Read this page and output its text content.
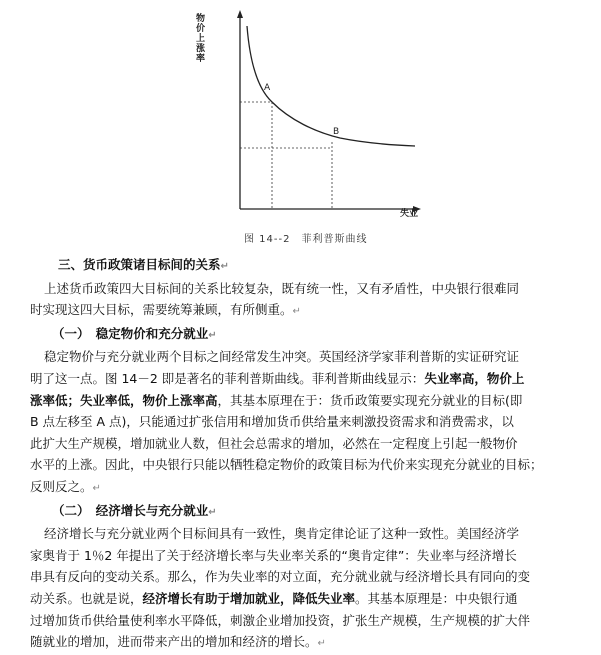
物价上涨率
失业
A
B
图 14--2　菲利普斯曲线
三、货币政策诸目标间的关系↵
上述货币政策四大目标间的关系比较复杂，既有统一性，又有矛盾性，中央银行很难同
时实现这四大目标，需要统筹兼顾，有所侧重。↵
（一）　稳定物价和充分就业↵
稳定物价与充分就业两个目标之间经常发生冲突。英国经济学家菲利普斯的实证研究证
明了这一点。图 14－2 即是著名的菲利普斯曲线。菲利普斯曲线显示：失业率高，物价上
涨率低；失业率低，物价上涨率高，其基本原理在于：货币政策要实现充分就业的目标(即
B 点左移至 A 点)，只能通过扩张信用和增加货币供给量来刺激投资需求和消费需求，以
此扩大生产规模，增加就业人数，但社会总需求的增加，必然在一定程度上引起一般物价
水平的上涨。因此，中央银行只能以牺牲稳定物价的政策目标为代价来实现充分就业的目标；
反则反之。↵
（二）　经济增长与充分就业↵
经济增长与充分就业两个目标间具有一致性，奥肯定律论证了这种一致性。美国经济学
家奥肯于 1％2 年提出了关于经济增长率与失业率关系的“奥肯定律”：失业率与经济增长
串具有反向的变动关系。那么，作为失业率的对立面，充分就业就与经济增长具有同向的变
动关系。也就是说，经济增长有助于增加就业，降低失业率。其基本原理是：中央银行通
过增加货币供给量使利率水平降低，刺激企业增加投资，扩张生产规模，生产规模的扩大伴
随就业的增加，进而带来产出的增加和经济的增长。↵
